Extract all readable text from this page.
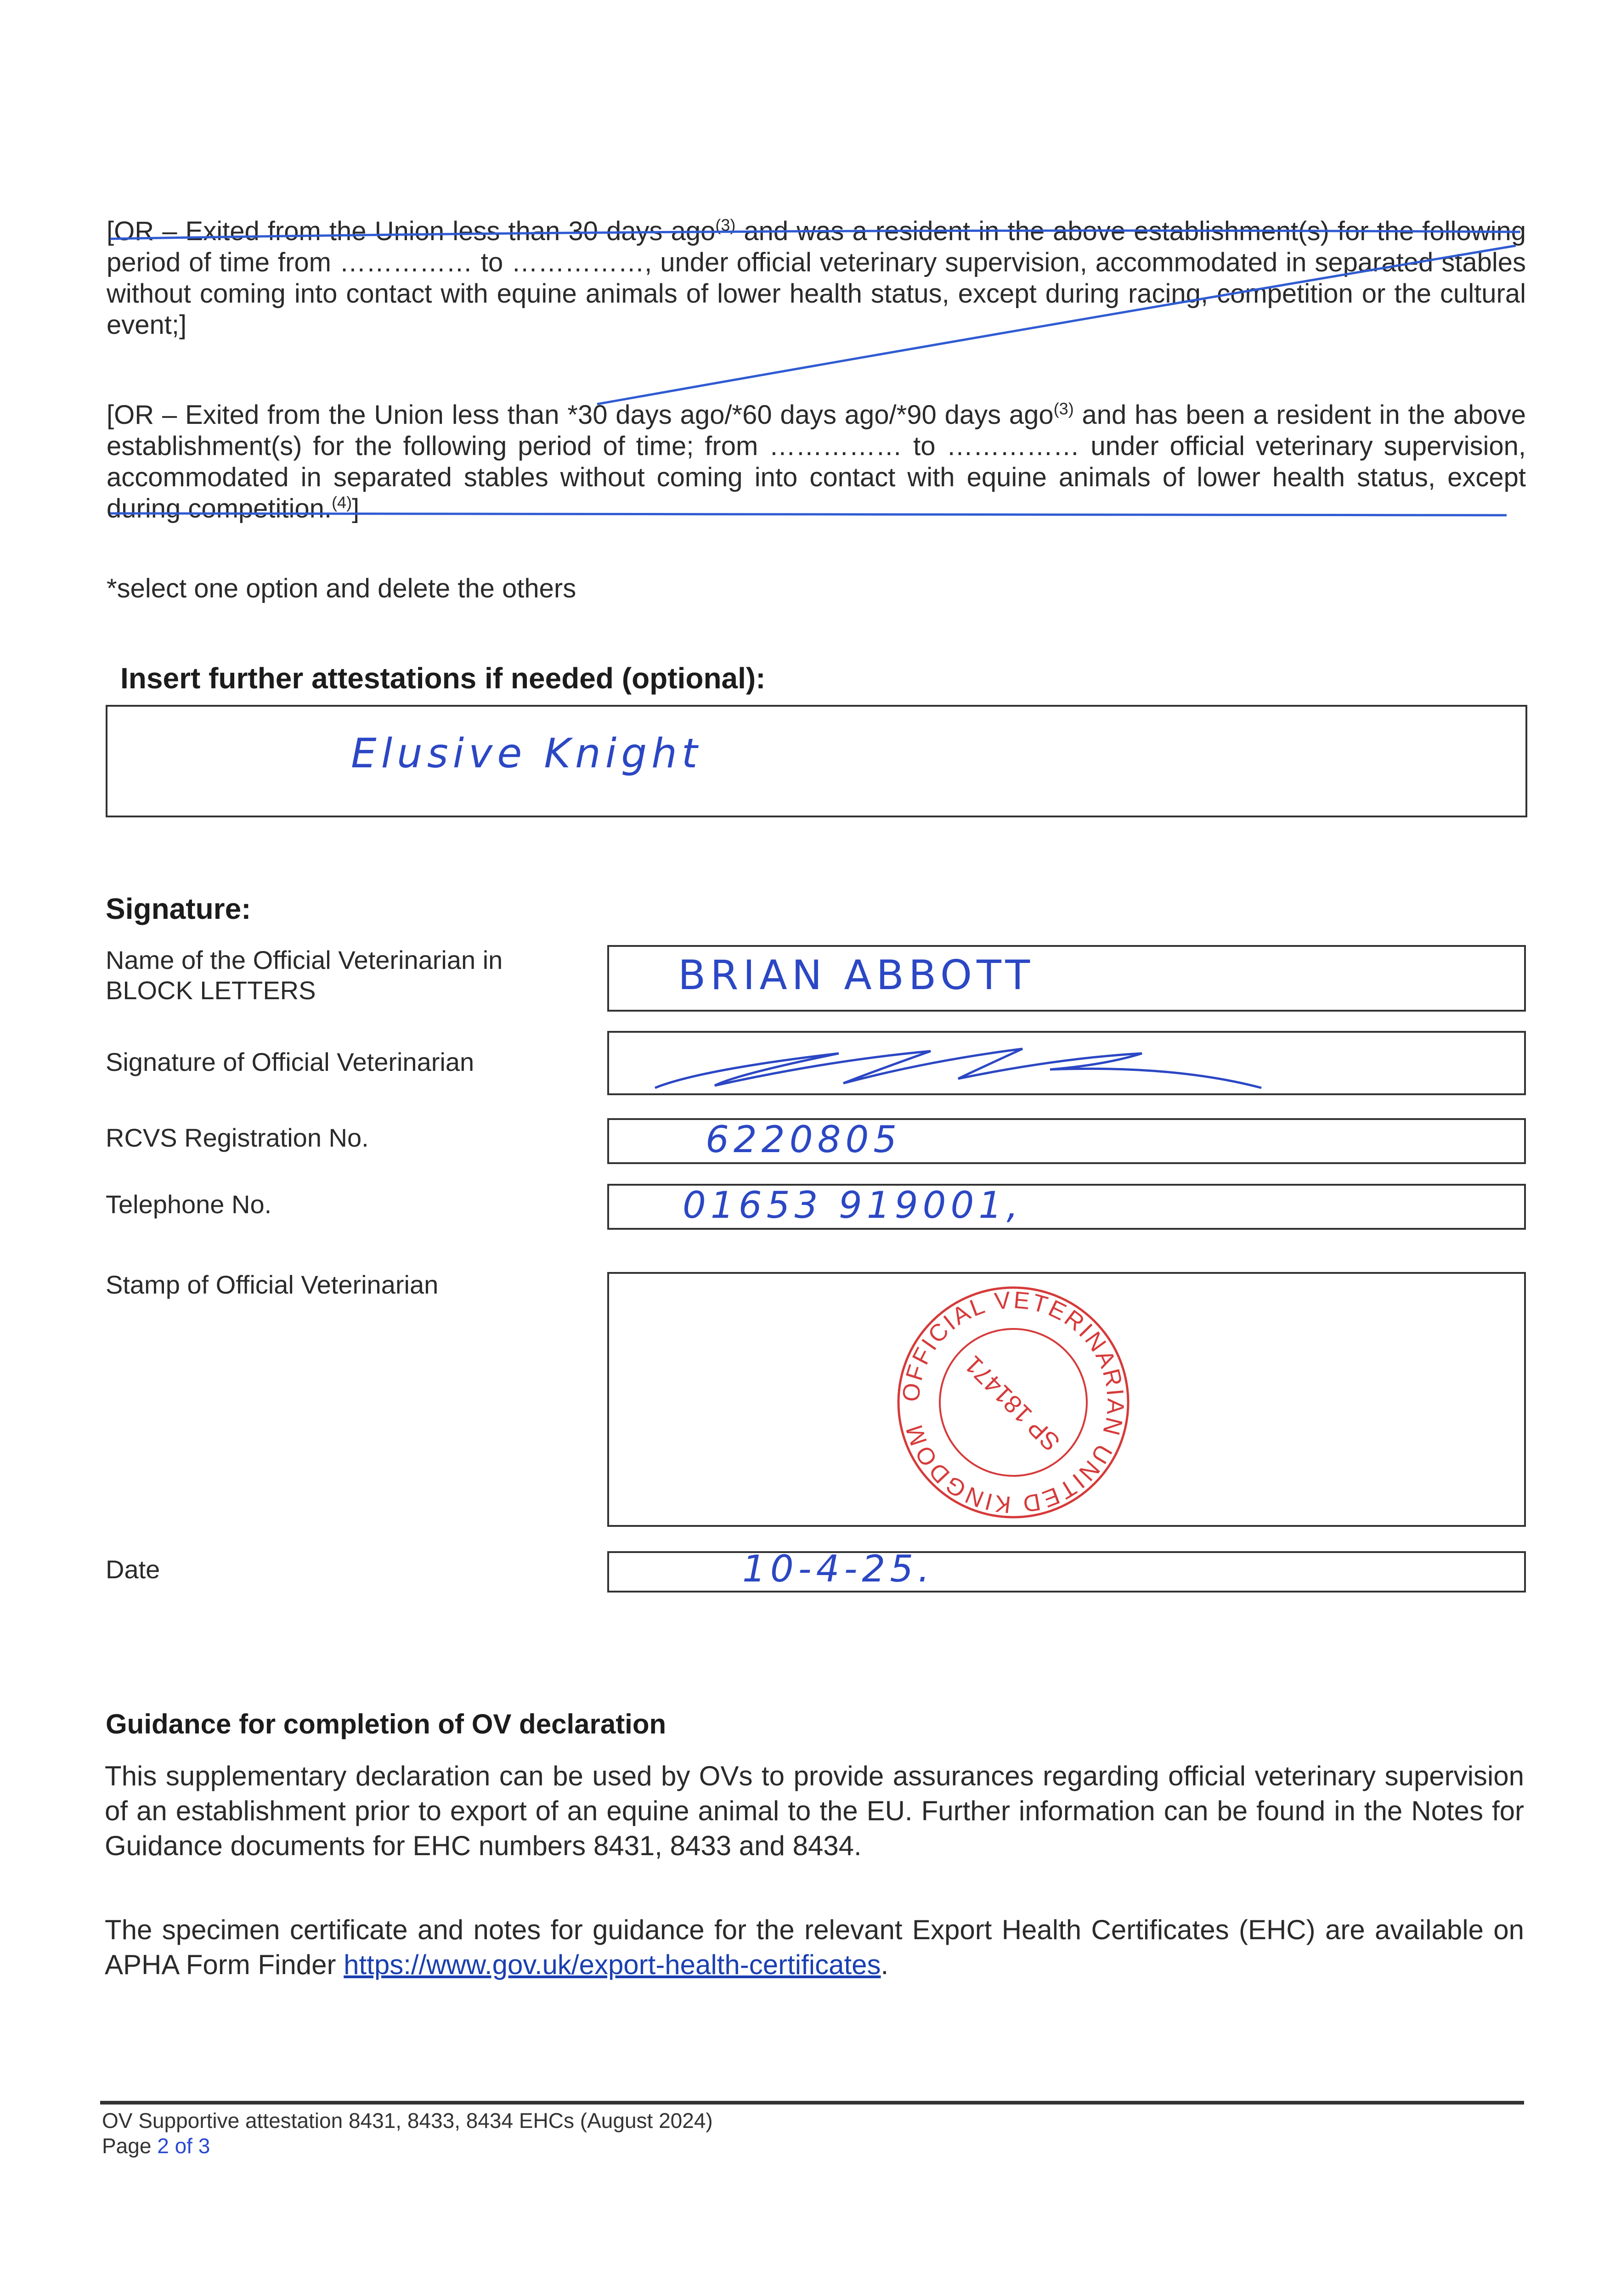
[OR – Exited from the Union less than 30 days ago$^{(3)}$ and was a resident in the above establishment(s) for the following period of time from …………… to ……………, under official veterinary supervision, accommodated in separated stables without coming into contact with equine animals of lower health status, except during racing, competition or the cultural event;]
[OR – Exited from the Union less than *30 days ago/*60 days ago/*90 days ago$^{(3)}$ and has been a resident in the above establishment(s) for the following period of time; from …………… to …………… under official veterinary supervision, accommodated in separated stables without coming into contact with equine animals of lower health status, except during competition.$^{(4)}$]
*select one option and delete the others
Insert further attestations if needed (optional):
Elusive Knight
Signature:
Name of the Official Veterinarian in BLOCK LETTERS	BRIAN ABBOTT
Signature of Official Veterinarian
RCVS Registration No.	6220805
Telephone No.	01653 919001,
Stamp of Official Veterinarian
OFFICIAL VETERINARIAN UNITED KINGDOM	SP 181471
Date	10-4-25.
Guidance for completion of OV declaration
This supplementary declaration can be used by OVs to provide assurances regarding official veterinary supervision of an establishment prior to export of an equine animal to the EU. Further information can be found in the Notes for Guidance documents for EHC numbers 8431, 8433 and 8434.
The specimen certificate and notes for guidance for the relevant Export Health Certificates (EHC) are available on APHA Form Finder https://www.gov.uk/export-health-certificates.
OV Supportive attestation 8431, 8433, 8434 EHCs (August 2024)
Page 2 of 3
